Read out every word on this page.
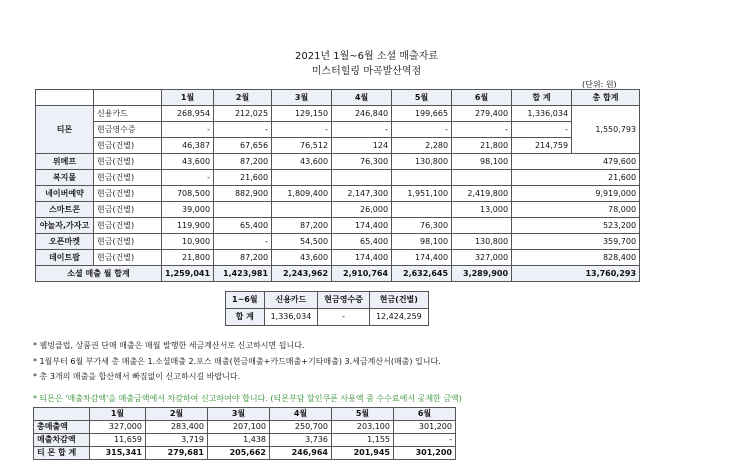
2021년 1월~6월 소셜 매출자료
미스터힐링 마곡발산역점
(단위: 원)
		1월	2월	3월	4월	5월	6월	합 계	총 합계
티몬	신용카드	268,954	212,025	129,150	246,840	199,665	279,400	1,336,034	1,550,793
	현금영수증	-	-	-	-	-	-	-	
	현금(건별)	46,387	67,656	76,512	124	2,280	21,800	214,759	
위메프	현금(건별)	43,600	87,200	43,600	76,300	130,800	98,100	479,600	
복지몰	현금(건별)	-	21,600					21,600	
네이버예약	현금(건별)	708,500	882,900	1,809,400	2,147,300	1,951,100	2,419,800	9,919,000	
스마트콘	현금(건별)	39,000			26,000		13,000	78,000	
야놀자,가자고	현금(건별)	119,900	65,400	87,200	174,400	76,300		523,200	
오픈마켓	현금(건별)	10,900	-	54,500	65,400	98,100	130,800	359,700	
데이트팝	현금(건별)	21,800	87,200	43,600	174,400	174,400	327,000	828,400	
소셜 매출 월 합계		1,259,041	1,423,981	2,243,962	2,910,764	2,632,645	3,289,900	13,760,293	
1~6월	신용카드	현금영수증	현금(건별)
합 계	1,336,034	-	12,424,259
* 웰빙클럽, 상품권 단매 매출은 매월 발행한 세금계산서로 신고하시면 됩니다.
* 1월부터 6월 부가세 총 매출은 1.소셜매출 2.포스 매출(현금매출+카드매출+기타매출) 3.세금계산서(매출) 입니다.
* 총 3개의 매출을 합산해서 빠짐없이 신고하시길 바랍니다.
* 티몬은 '매출차감액'을 매출금액에서 차감하여 신고하여야 합니다. (티몬부담 할인쿠폰 사용액 중 수수료에서 공제한 금액)
	1월	2월	3월	4월	5월	6월
총매출액	327,000	283,400	207,100	250,700	203,100	301,200
매출차감액	11,659	3,719	1,438	3,736	1,155	-
티 몬 합 계	315,341	279,681	205,662	246,964	201,945	301,200
